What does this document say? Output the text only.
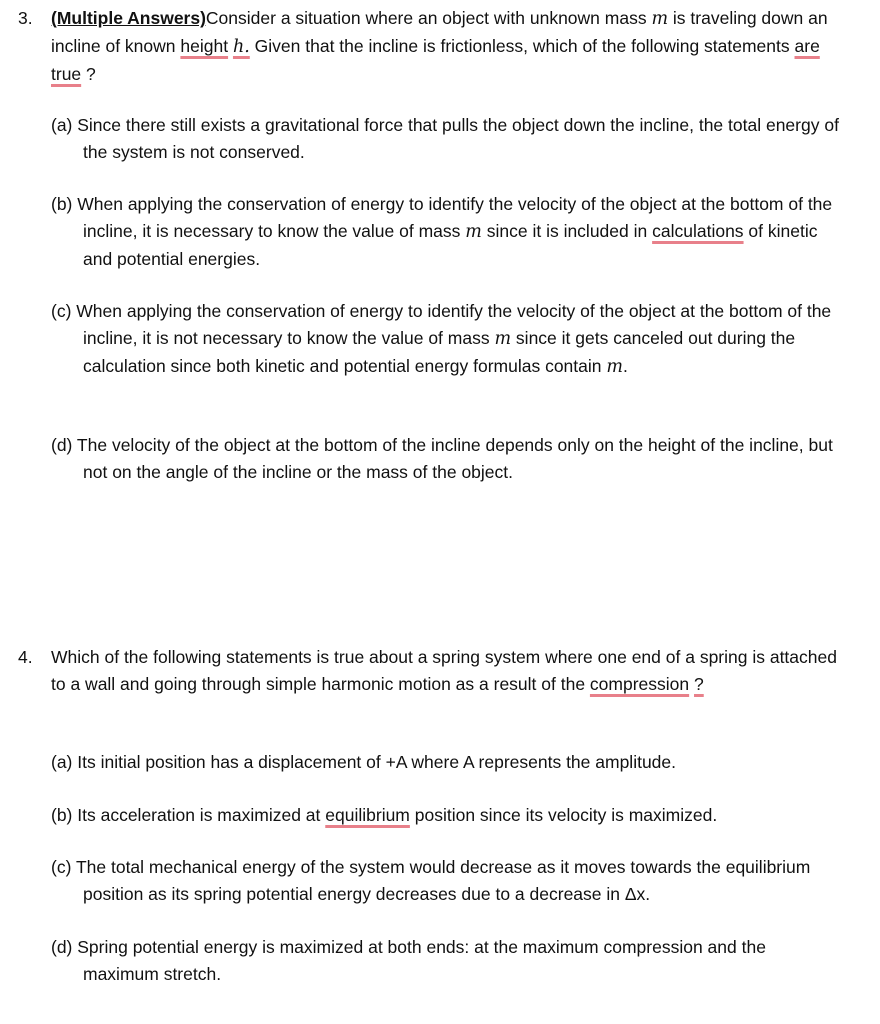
3.	(Multiple Answers)Consider a situation where an object with unknown mass m is traveling down an incline of known height h. Given that the incline is frictionless, which of the following statements are true ?
(a) Since there still exists a gravitational force that pulls the object down the incline, the total energy of the system is not conserved.
(b) When applying the conservation of energy to identify the velocity of the object at the bottom of the incline, it is necessary to know the value of mass m since it is included in calculations of kinetic and potential energies.
(c) When applying the conservation of energy to identify the velocity of the object at the bottom of the incline, it is not necessary to know the value of mass m since it gets canceled out during the calculation since both kinetic and potential energy formulas contain m.
(d) The velocity of the object at the bottom of the incline depends only on the height of the incline, but not on the angle of the incline or the mass of the object.
4.	Which of the following statements is true about a spring system where one end of a spring is attached to a wall and going through simple harmonic motion as a result of the compression ?
(a) Its initial position has a displacement of +A where A represents the amplitude.
(b) Its acceleration is maximized at equilibrium position since its velocity is maximized.
(c) The total mechanical energy of the system would decrease as it moves towards the equilibrium position as its spring potential energy decreases due to a decrease in Δx.
(d) Spring potential energy is maximized at both ends: at the maximum compression and the maximum stretch.
